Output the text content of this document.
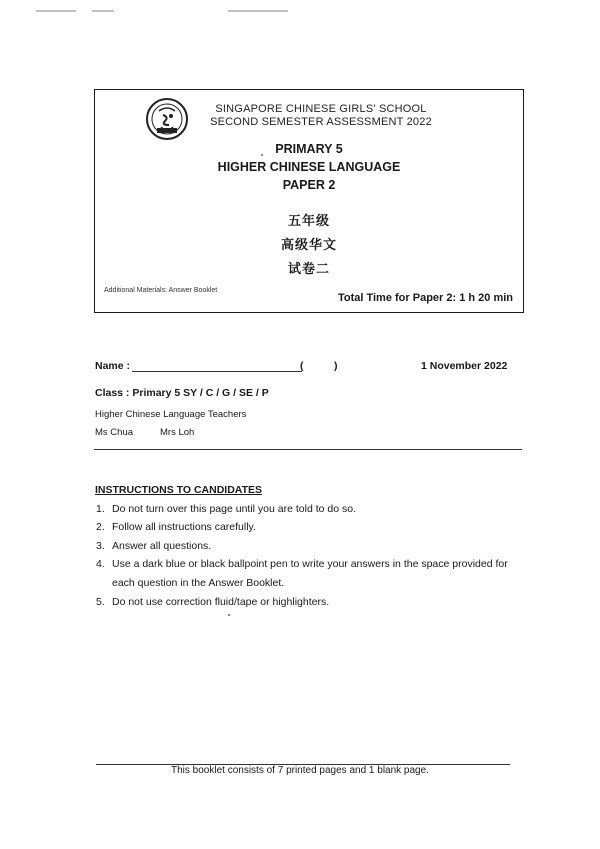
SINGAPORE CHINESE GIRLS' SCHOOL
SECOND SEMESTER ASSESSMENT 2022
PRIMARY 5
HIGHER CHINESE LANGUAGE
PAPER 2
五年级
高级华文
试卷二
Additional Materials: Answer Booklet
Total Time for Paper 2: 1 h 20 min
Name :	(	)	1 November 2022
Class : Primary 5 SY / C / G / SE / P
Higher Chinese Language Teachers
Ms Chua	Mrs Loh
INSTRUCTIONS TO CANDIDATES
1. Do not turn over this page until you are told to do so.
2. Follow all instructions carefully.
3. Answer all questions.
4. Use a dark blue or black ballpoint pen to write your answers in the space provided for
each question in the Answer Booklet.
5. Do not use correction fluid/tape or highlighters.
This booklet consists of 7 printed pages and 1 blank page.
